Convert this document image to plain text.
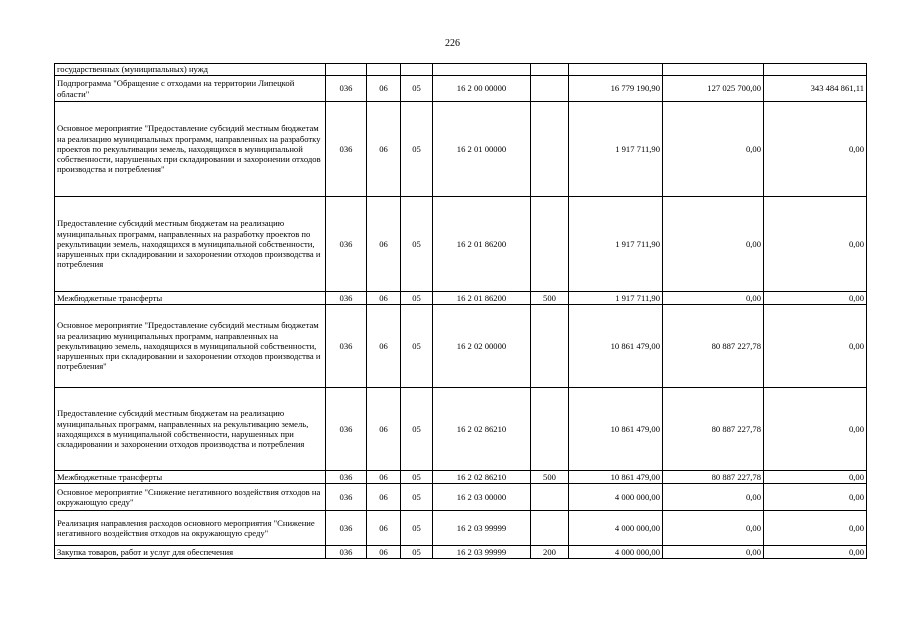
226
государственных (муниципальных) нужд								
Подпрограмма "Обращение с отходами на территории Липецкой области"	036	06	05	16 2 00 00000		16 779 190,90	127 025 700,00	343 484 861,11
Основное мероприятие "Предоставление субсидий местным бюджетам на реализацию муниципальных программ, направленных на разработку проектов по рекультивации земель, находящихся в муниципальной собственности, нарушенных при складировании и захоронении отходов производства и потребления"	036	06	05	16 2 01 00000		1 917 711,90	0,00	0,00
Предоставление субсидий местным бюджетам на реализацию муниципальных программ, направленных на разработку проектов по рекультивации земель, находящихся в муниципальной собственности, нарушенных при складировании и захоронении отходов производства и потребления	036	06	05	16 2 01 86200		1 917 711,90	0,00	0,00
Межбюджетные трансферты	036	06	05	16 2 01 86200	500	1 917 711,90	0,00	0,00
Основное мероприятие "Предоставление субсидий местным бюджетам на реализацию муниципальных программ, направленных на рекультивацию земель, находящихся в муниципальной собственности, нарушенных при складировании и захоронении отходов производства и потребления"	036	06	05	16 2 02 00000		10 861 479,00	80 887 227,78	0,00
Предоставление субсидий местным бюджетам на реализацию муниципальных программ, направленных на рекультивацию земель, находящихся в муниципальной собственности, нарушенных при складировании и захоронении отходов производства и потребления	036	06	05	16 2 02 86210		10 861 479,00	80 887 227,78	0,00
Межбюджетные трансферты	036	06	05	16 2 02 86210	500	10 861 479,00	80 887 227,78	0,00
Основное мероприятие "Снижение негативного воздействия отходов на окружающую среду"	036	06	05	16 2 03 00000		4 000 000,00	0,00	0,00
Реализация направления расходов основного мероприятия "Снижение негативного воздействия отходов на окружающую среду"	036	06	05	16 2 03 99999		4 000 000,00	0,00	0,00
Закупка товаров, работ и услуг для обеспечения	036	06	05	16 2 03 99999	200	4 000 000,00	0,00	0,00
